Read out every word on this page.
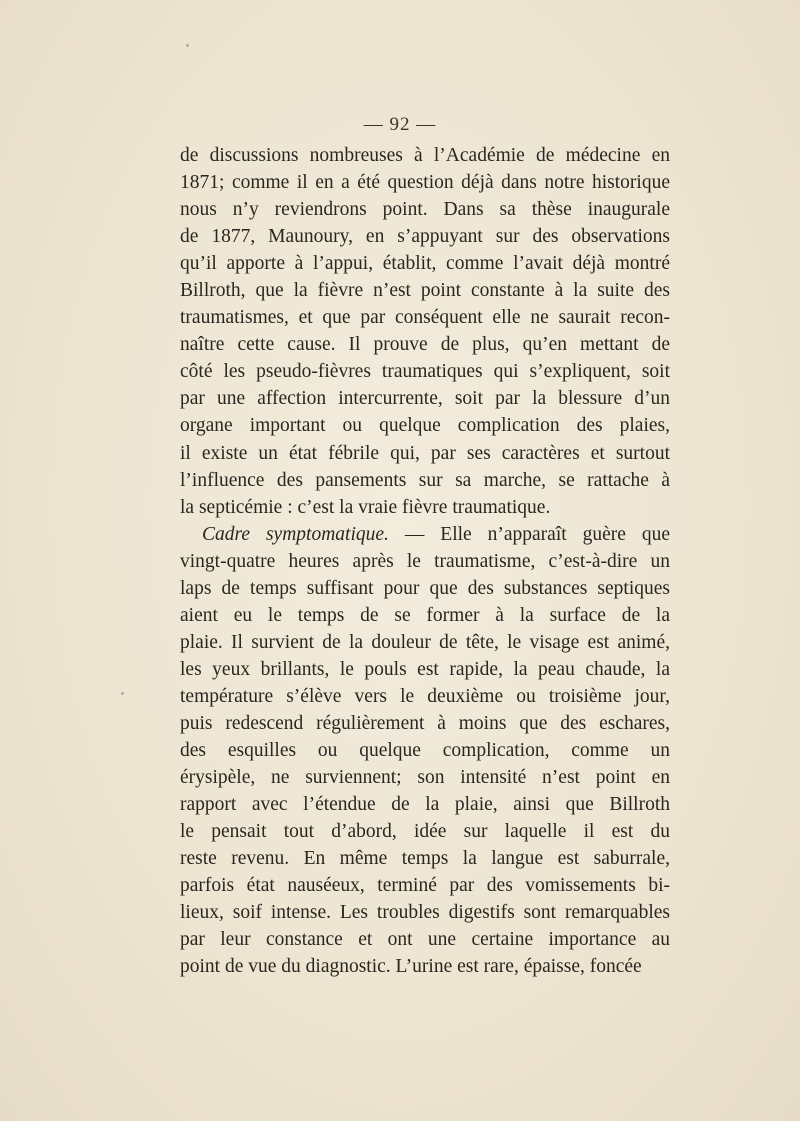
— 92 —
de discussions nombreuses à l’Académie de médecine en
1871; comme il en a été question déjà dans notre historique
nous n’y reviendrons point. Dans sa thèse inaugurale
de 1877, Maunoury, en s’appuyant sur des observations
qu’il apporte à l’appui, établit, comme l’avait déjà montré
Billroth, que la fièvre n’est point constante à la suite des
traumatismes, et que par conséquent elle ne saurait recon-
naître cette cause. Il prouve de plus, qu’en mettant de
côté les pseudo-fièvres traumatiques qui s’expliquent, soit
par une affection intercurrente, soit par la blessure d’un
organe important ou quelque complication des plaies,
il existe un état fébrile qui, par ses caractères et surtout
l’influence des pansements sur sa marche, se rattache à
la septicémie : c’est la vraie fièvre traumatique.
Cadre symptomatique. — Elle n’apparaît guère que
vingt-quatre heures après le traumatisme, c’est-à-dire un
laps de temps suffisant pour que des substances septiques
aient eu le temps de se former à la surface de la
plaie. Il survient de la douleur de tête, le visage est animé,
les yeux brillants, le pouls est rapide, la peau chaude, la
température s’élève vers le deuxième ou troisième jour,
puis redescend régulièrement à moins que des eschares,
des esquilles ou quelque complication, comme un
érysipèle, ne surviennent; son intensité n’est point en
rapport avec l’étendue de la plaie, ainsi que Billroth
le pensait tout d’abord, idée sur laquelle il est du
reste revenu. En même temps la langue est saburrale,
parfois état nauséeux, terminé par des vomissements bi-
lieux, soif intense. Les troubles digestifs sont remarquables
par leur constance et ont une certaine importance au
point de vue du diagnostic. L’urine est rare, épaisse, foncée
